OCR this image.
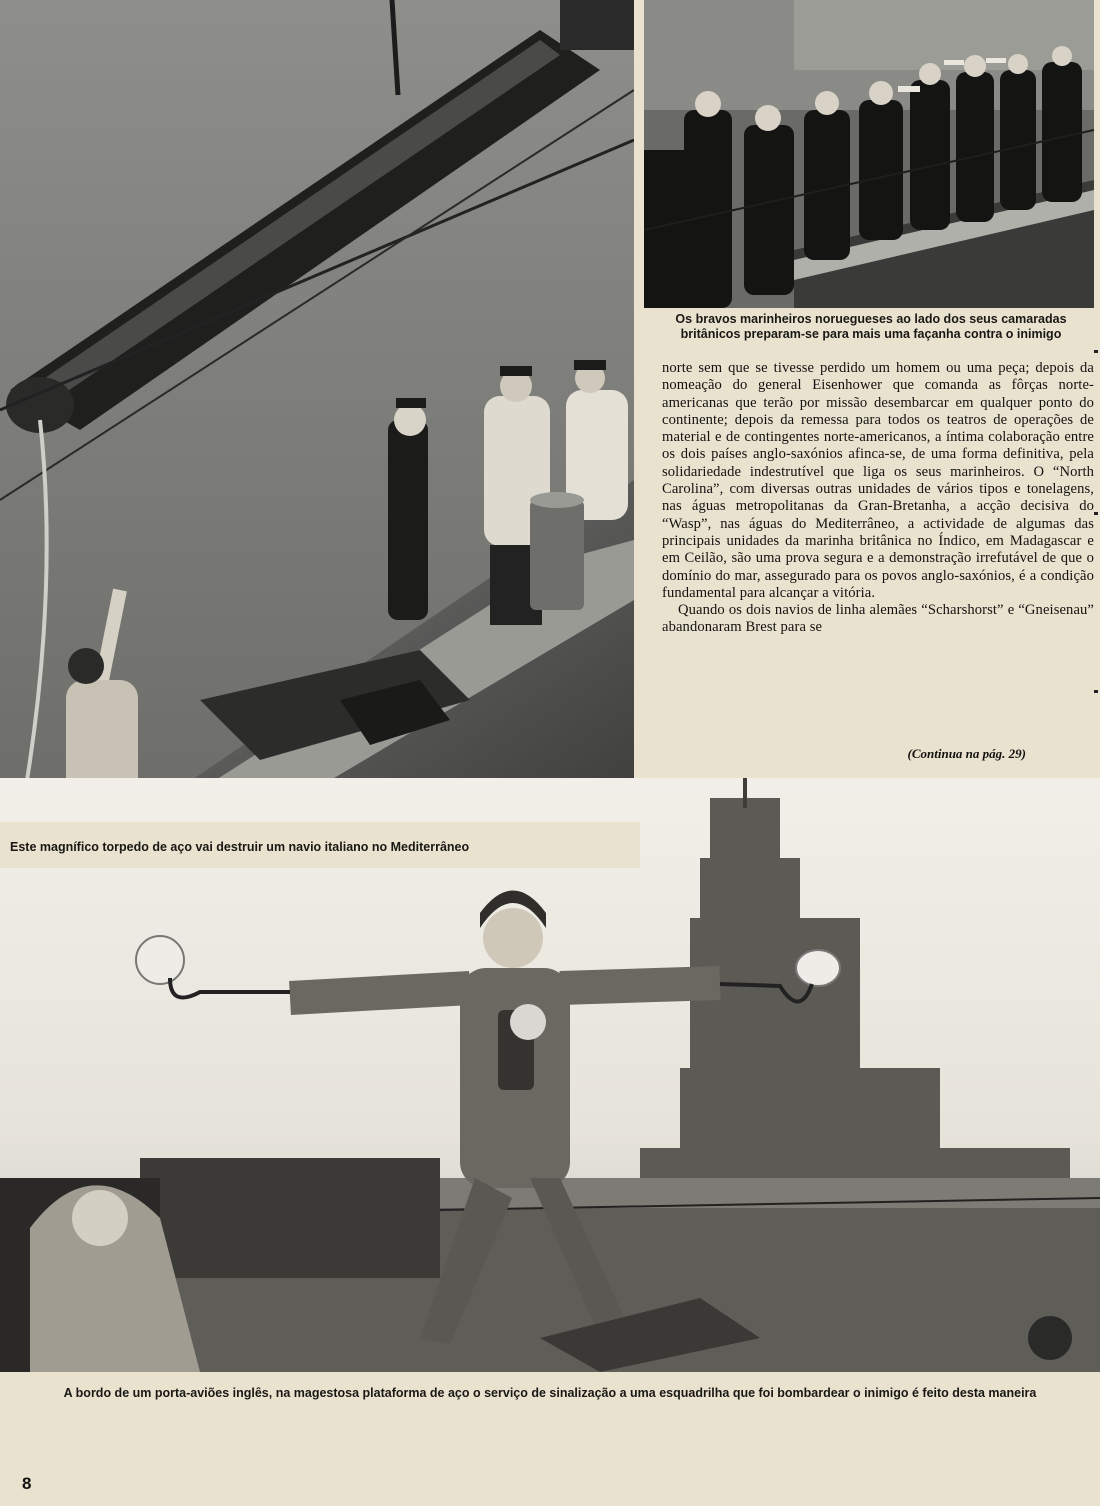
Os bravos marinheiros noruegueses ao lado dos seus camaradas britânicos preparam-se para mais uma façanha contra o inimigo
Este magnífico torpedo de aço vai destruir um navio italiano no Mediterrâneo
A bordo de um porta-aviões inglês, na magestosa plataforma de aço o serviço de sinalização a uma esquadrilha que foi bombardear o inimigo é feito desta maneira

norte sem que se tivesse perdido um homem ou uma peça; depois da nomeação do general Eisenhower que comanda as fôrças norte-americanas que terão por missão desembarcar em qualquer ponto do continente; depois da remessa para todos os teatros de operações de material e de contingentes norte-americanos, a íntima colaboração entre os dois países anglo-saxónios afinca-se, de uma forma definitiva, pela solidariedade indestrutível que liga os seus marinheiros. O “North Carolina”, com diversas outras unidades de vários tipos e tonelagens, nas águas metropolitanas da Gran-Bretanha, a acção decisiva do “Wasp”, nas águas do Mediterrâneo, a actividade de algumas das principais unidades da marinha britânica no Índico, em Madagascar e em Ceilão, são uma prova segura e a demonstração irrefutável de que o domínio do mar, assegurado para os povos anglo-saxónios, é a condição fundamental para alcançar a vitória.

Quando os dois navios de linha alemães “Scharshorst” e “Gneisenau” abandonaram Brest para se

(Continua na pág. 29)
8
